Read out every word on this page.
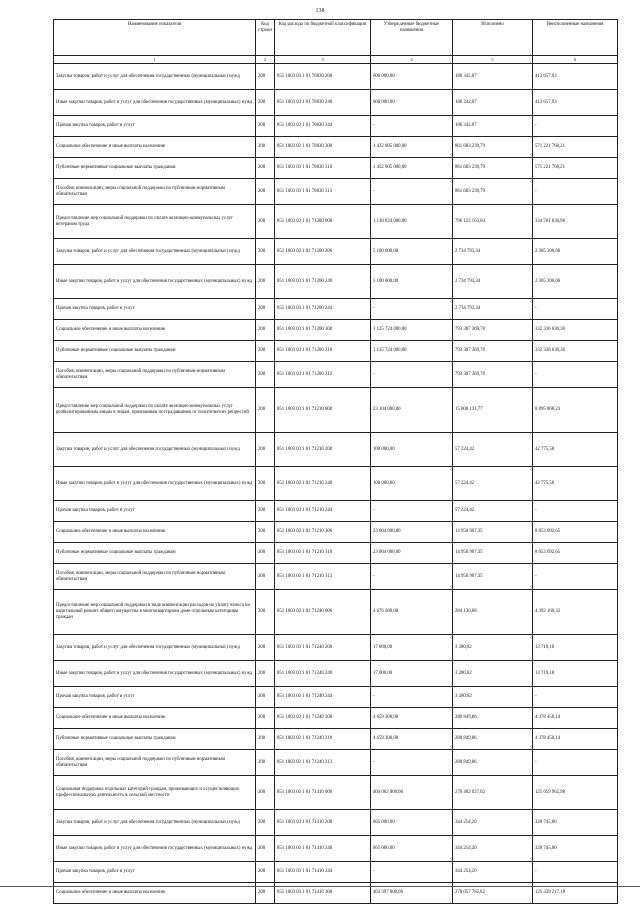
138
Наименование показателя	Код строки	Код расхода по бюджетной классификации	Утвержденные бюджетные назначения	Исполнено	Неисполненные назначения
1	2	3	4	5	6
Закупка товаров, работ и услуг для обеспечения государственных (муниципальных) нужд	200	851 1003 03 1 01 70830 200	600 000,00	186 342,07	413 657,93
Иные закупки товаров, работ и услуг для обеспечения государственных (муниципальных) нужд	200	851 1003 03 1 01 70830 240	600 000,00	186 342,07	413 657,93
Прочая закупка товаров, работ и услуг	200	851 1003 03 1 01 70830 244	-	186 342,07	-
Социальное обеспечение и иные выплаты населению	200	851 1003 03 1 01 70830 300	1 432 905 000,00	861 683 239,79	571 221 760,21
Публичные нормативные социальные выплаты гражданам	200	851 1003 03 1 01 70830 310	1 432 905 000,00	861 683 239,79	571 221 760,21
Пособия, компенсации, меры социальной поддержки по публичным нормативным обязательствам	200	851 1003 03 1 01 70830 313	-	861 683 239,79	-
Предоставление мер социальной поддержки по оплате жилищно-коммунальных услуг ветеранам труда	200	851 1003 03 1 01 71200 000	1 130 824 000,00	796 122 163,04	334 701 836,96
Закупка товаров, работ и услуг для обеспечения государственных (муниципальных) нужд	200	851 1003 03 1 01 71200 200	5 100 000,00	2 734 793,34	2 365 206,66
Иные закупки товаров, работ и услуг для обеспечения государственных (муниципальных) нужд	200	851 1003 03 1 01 71200 240	5 100 000,00	2 734 793,34	2 365 206,66
Прочая закупка товаров, работ и услуг	200	851 1003 03 1 01 71200 244	-	2 734 793,34	-
Социальное обеспечение и иные выплаты населению	200	851 1003 03 1 01 71200 300	1 125 724 000,00	793 387 369,70	332 336 630,30
Публичные нормативные социальные выплаты гражданам	200	851 1003 03 1 01 71200 310	1 125 724 000,00	793 387 369,70	332 336 630,30
Пособия, компенсации, меры социальной поддержки по публичным нормативным обязательствам	200	851 1003 03 1 01 71200 313	-	793 387 369,70	-
Предоставление мер социальной поддержки по оплате жилищно-коммунальных услуг реабилитированным лицам и лицам, признанным пострадавшими от политических репрессий	200	851 1003 03 1 01 71210 000	23 104 000,00	15 008 131,77	8 095 868,23
Закупка товаров, работ и услуг для обеспечения государственных (муниципальных) нужд	200	851 1003 03 1 01 71210 200	100 000,00	57 224,42	42 775,58
Иные закупки товаров, работ и услуг для обеспечения государственных (муниципальных) нужд	200	851 1003 03 1 01 71210 240	100 000,00	57 224,42	42 775,58
Прочая закупка товаров, работ и услуг	200	851 1003 03 1 01 71210 244	-	57 224,42	-
Социальное обеспечение и иные выплаты населению	200	851 1003 03 1 01 71210 300	23 004 000,00	14 950 907,35	8 053 092,65
Публичные нормативные социальные выплаты гражданам	200	851 1003 03 1 01 71210 310	23 004 000,00	14 950 907,35	8 053 092,65
Пособия, компенсации, меры социальной поддержки по публичным нормативным обязательствам	200	851 1003 03 1 01 71210 313	-	14 950 907,35	-
Предоставление мер социальной поддержки в виде компенсации расходов на уплату взноса на капитальный ремонт общего имущества в многоквартирном доме отдельным категориям граждан	200	851 1003 03 1 01 71240 000	4 676 300,00	284 130,68	4 392 169,32
Закупка товаров, работ и услуг для обеспечения государственных (муниципальных) нужд	200	851 1003 03 1 01 71240 200	17 000,00	3 280,82	13 719,18
Иные закупки товаров, работ и услуг для обеспечения государственных (муниципальных) нужд	200	851 1003 03 1 01 71240 240	17 000,00	3 280,82	13 719,18
Прочая закупка товаров, работ и услуг	200	851 1003 03 1 01 71240 244	-	3 280,82	-
Социальное обеспечение и иные выплаты населению	200	851 1003 03 1 01 71240 300	4 659 300,00	280 849,86	4 378 450,14
Публичные нормативные социальные выплаты гражданам	200	851 1003 03 1 01 71240 310	4 659 300,00	280 849,86	4 378 450,14
Пособия, компенсации, меры социальной поддержки по публичным нормативным обязательствам	200	851 1003 03 1 01 71240 313	-	280 849,86	-
Социальная поддержка отдельных категорий граждан, проживающих и осуществляющих профессиональную деятельность в сельской местности	200	851 1003 03 1 01 71410 000	404 062 000,00	278 402 037,02	125 659 962,98
Закупка товаров, работ и услуг для обеспечения государственных (муниципальных) нужд	200	851 1003 03 1 01 71410 200	665 000,00	344 254,20	320 745,80
Иные закупки товаров, работ и услуг для обеспечения государственных (муниципальных) нужд	200	851 1003 03 1 01 71410 240	665 000,00	344 254,20	320 745,80
Прочая закупка товаров, работ и услуг	200	851 1003 03 1 01 71410 244	-	344 254,20	-
Социальное обеспечение и иные выплаты населению	200	851 1003 03 1 01 71410 300	403 397 000,00	278 057 782,82	125 339 217,18
